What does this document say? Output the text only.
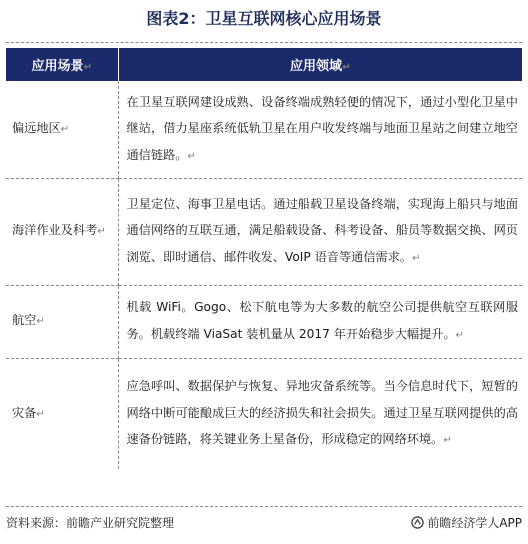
图表2：卫星互联网核心应用场景
应用场景↵	应用领域↵
偏远地区↵	在卫星互联网建设成熟、设备终端成熟轻便的情况下，通过小型化卫星中继站，借力星座系统低轨卫星在用户收发终端与地面卫星站之间建立地空通信链路。↵
海洋作业及科考↵	卫星定位、海事卫星电话。通过船载卫星设备终端，实现海上船只与地面通信网络的互联互通，满足船载设备、科考设备、船员等数据交换、网页浏览、即时通信、邮件收发、VoIP 语音等通信需求。↵
航空↵	机载 WiFi。Gogo、松下航电等为大多数的航空公司提供航空互联网服务。机载终端 ViaSat 装机量从 2017 年开始稳步大幅提升。↵
灾备↵	应急呼叫、数据保护与恢复、异地灾备系统等。当今信息时代下，短暂的网络中断可能酿成巨大的经济损失和社会损失。通过卫星互联网提供的高速备份链路，将关键业务上星备份，形成稳定的网络环境。↵
资料来源：前瞻产业研究院整理	前瞻经济学人APP
